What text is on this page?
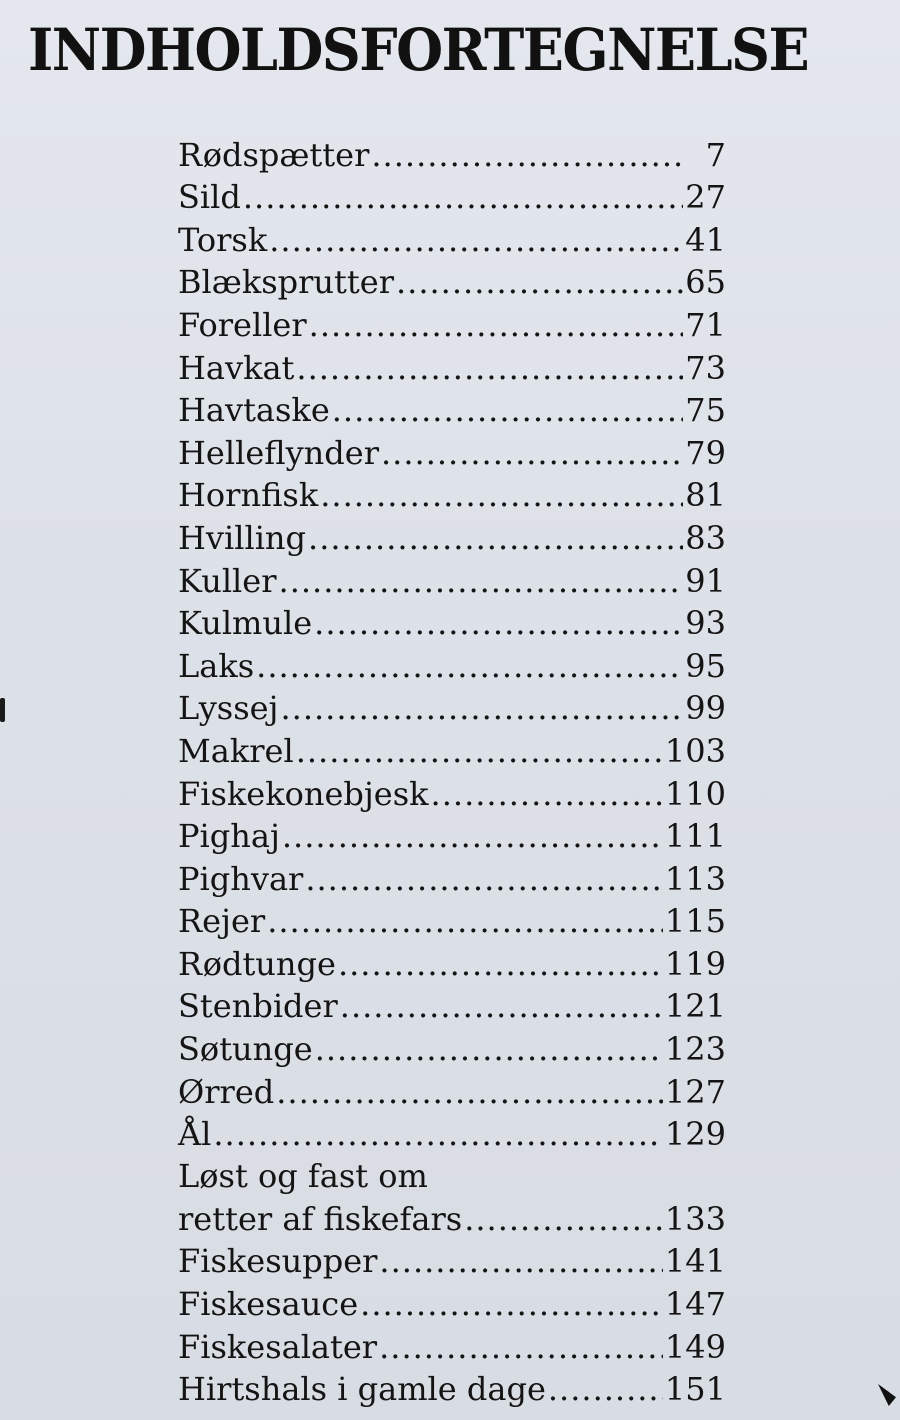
INDHOLDSFORTEGNELSE
Rødspætter .....	7
Sild .....	27
Torsk .....	41
Blæksprutter .....	65
Foreller .....	71
Havkat .....	73
Havtaske .....	75
Helleflynder .....	79
Hornfisk .....	81
Hvilling .....	83
Kuller .....	91
Kulmule .....	93
Laks .....	95
Lyssej .....	99
Makrel .....	103
Fiskekonebjesk .....	110
Pighaj .....	111
Pighvar .....	113
Rejer .....	115
Rødtunge .....	119
Stenbider .....	121
Søtunge .....	123
Ørred .....	127
Ål .....	129
Løst og fast om
retter af fiskefars .....	133
Fiskesupper .....	141
Fiskesauce .....	147
Fiskesalater .....	149
Hirtshals i gamle dage .....	151
